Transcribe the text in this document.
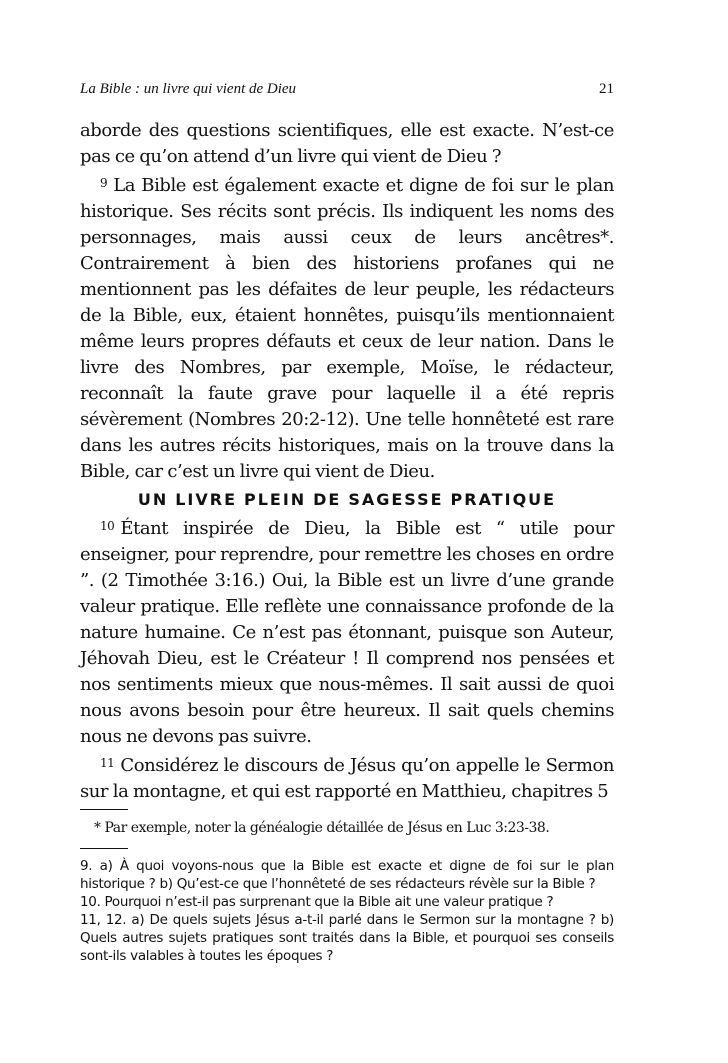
La Bible : un livre qui vient de Dieu	21

aborde des questions scientifiques, elle est exacte. N’est-ce pas ce qu’on attend d’un livre qui vient de Dieu ?

$^9$ La Bible est également exacte et digne de foi sur le plan historique. Ses récits sont précis. Ils indiquent les noms des personnages, mais aussi ceux de leurs ancêtres*. Contrairement à bien des historiens profanes qui ne mentionnent pas les défaites de leur peuple, les rédacteurs de la Bible, eux, étaient honnêtes, puisqu’ils mentionnaient même leurs propres défauts et ceux de leur nation. Dans le livre des Nombres, par exemple, Moïse, le rédacteur, reconnaît la faute grave pour laquelle il a été repris sévèrement (Nombres 20:2-12). Une telle honnêteté est rare dans les autres récits historiques, mais on la trouve dans la Bible, car c’est un livre qui vient de Dieu.

UN LIVRE PLEIN DE SAGESSE PRATIQUE

$^{10}$ Étant inspirée de Dieu, la Bible est “ utile pour enseigner, pour reprendre, pour remettre les choses en ordre ”. (2 Timothée 3:16.) Oui, la Bible est un livre d’une grande valeur pratique. Elle reflète une connaissance profonde de la nature humaine. Ce n’est pas étonnant, puisque son Auteur, Jéhovah Dieu, est le Créateur ! Il comprend nos pensées et nos sentiments mieux que nous-mêmes. Il sait aussi de quoi nous avons besoin pour être heureux. Il sait quels chemins nous ne devons pas suivre.

$^{11}$ Considérez le discours de Jésus qu’on appelle le Sermon sur la montagne, et qui est rapporté en Matthieu, chapitres 5

* Par exemple, noter la généalogie détaillée de Jésus en Luc 3:23-38.

9. a) À quoi voyons-nous que la Bible est exacte et digne de foi sur le plan historique ? b) Qu’est-ce que l’honnêteté de ses rédacteurs révèle sur la Bible ?

10. Pourquoi n’est-il pas surprenant que la Bible ait une valeur pratique ?

11, 12. a) De quels sujets Jésus a-t-il parlé dans le Sermon sur la montagne ? b) Quels autres sujets pratiques sont traités dans la Bible, et pourquoi ses conseils sont-ils valables à toutes les époques ?
